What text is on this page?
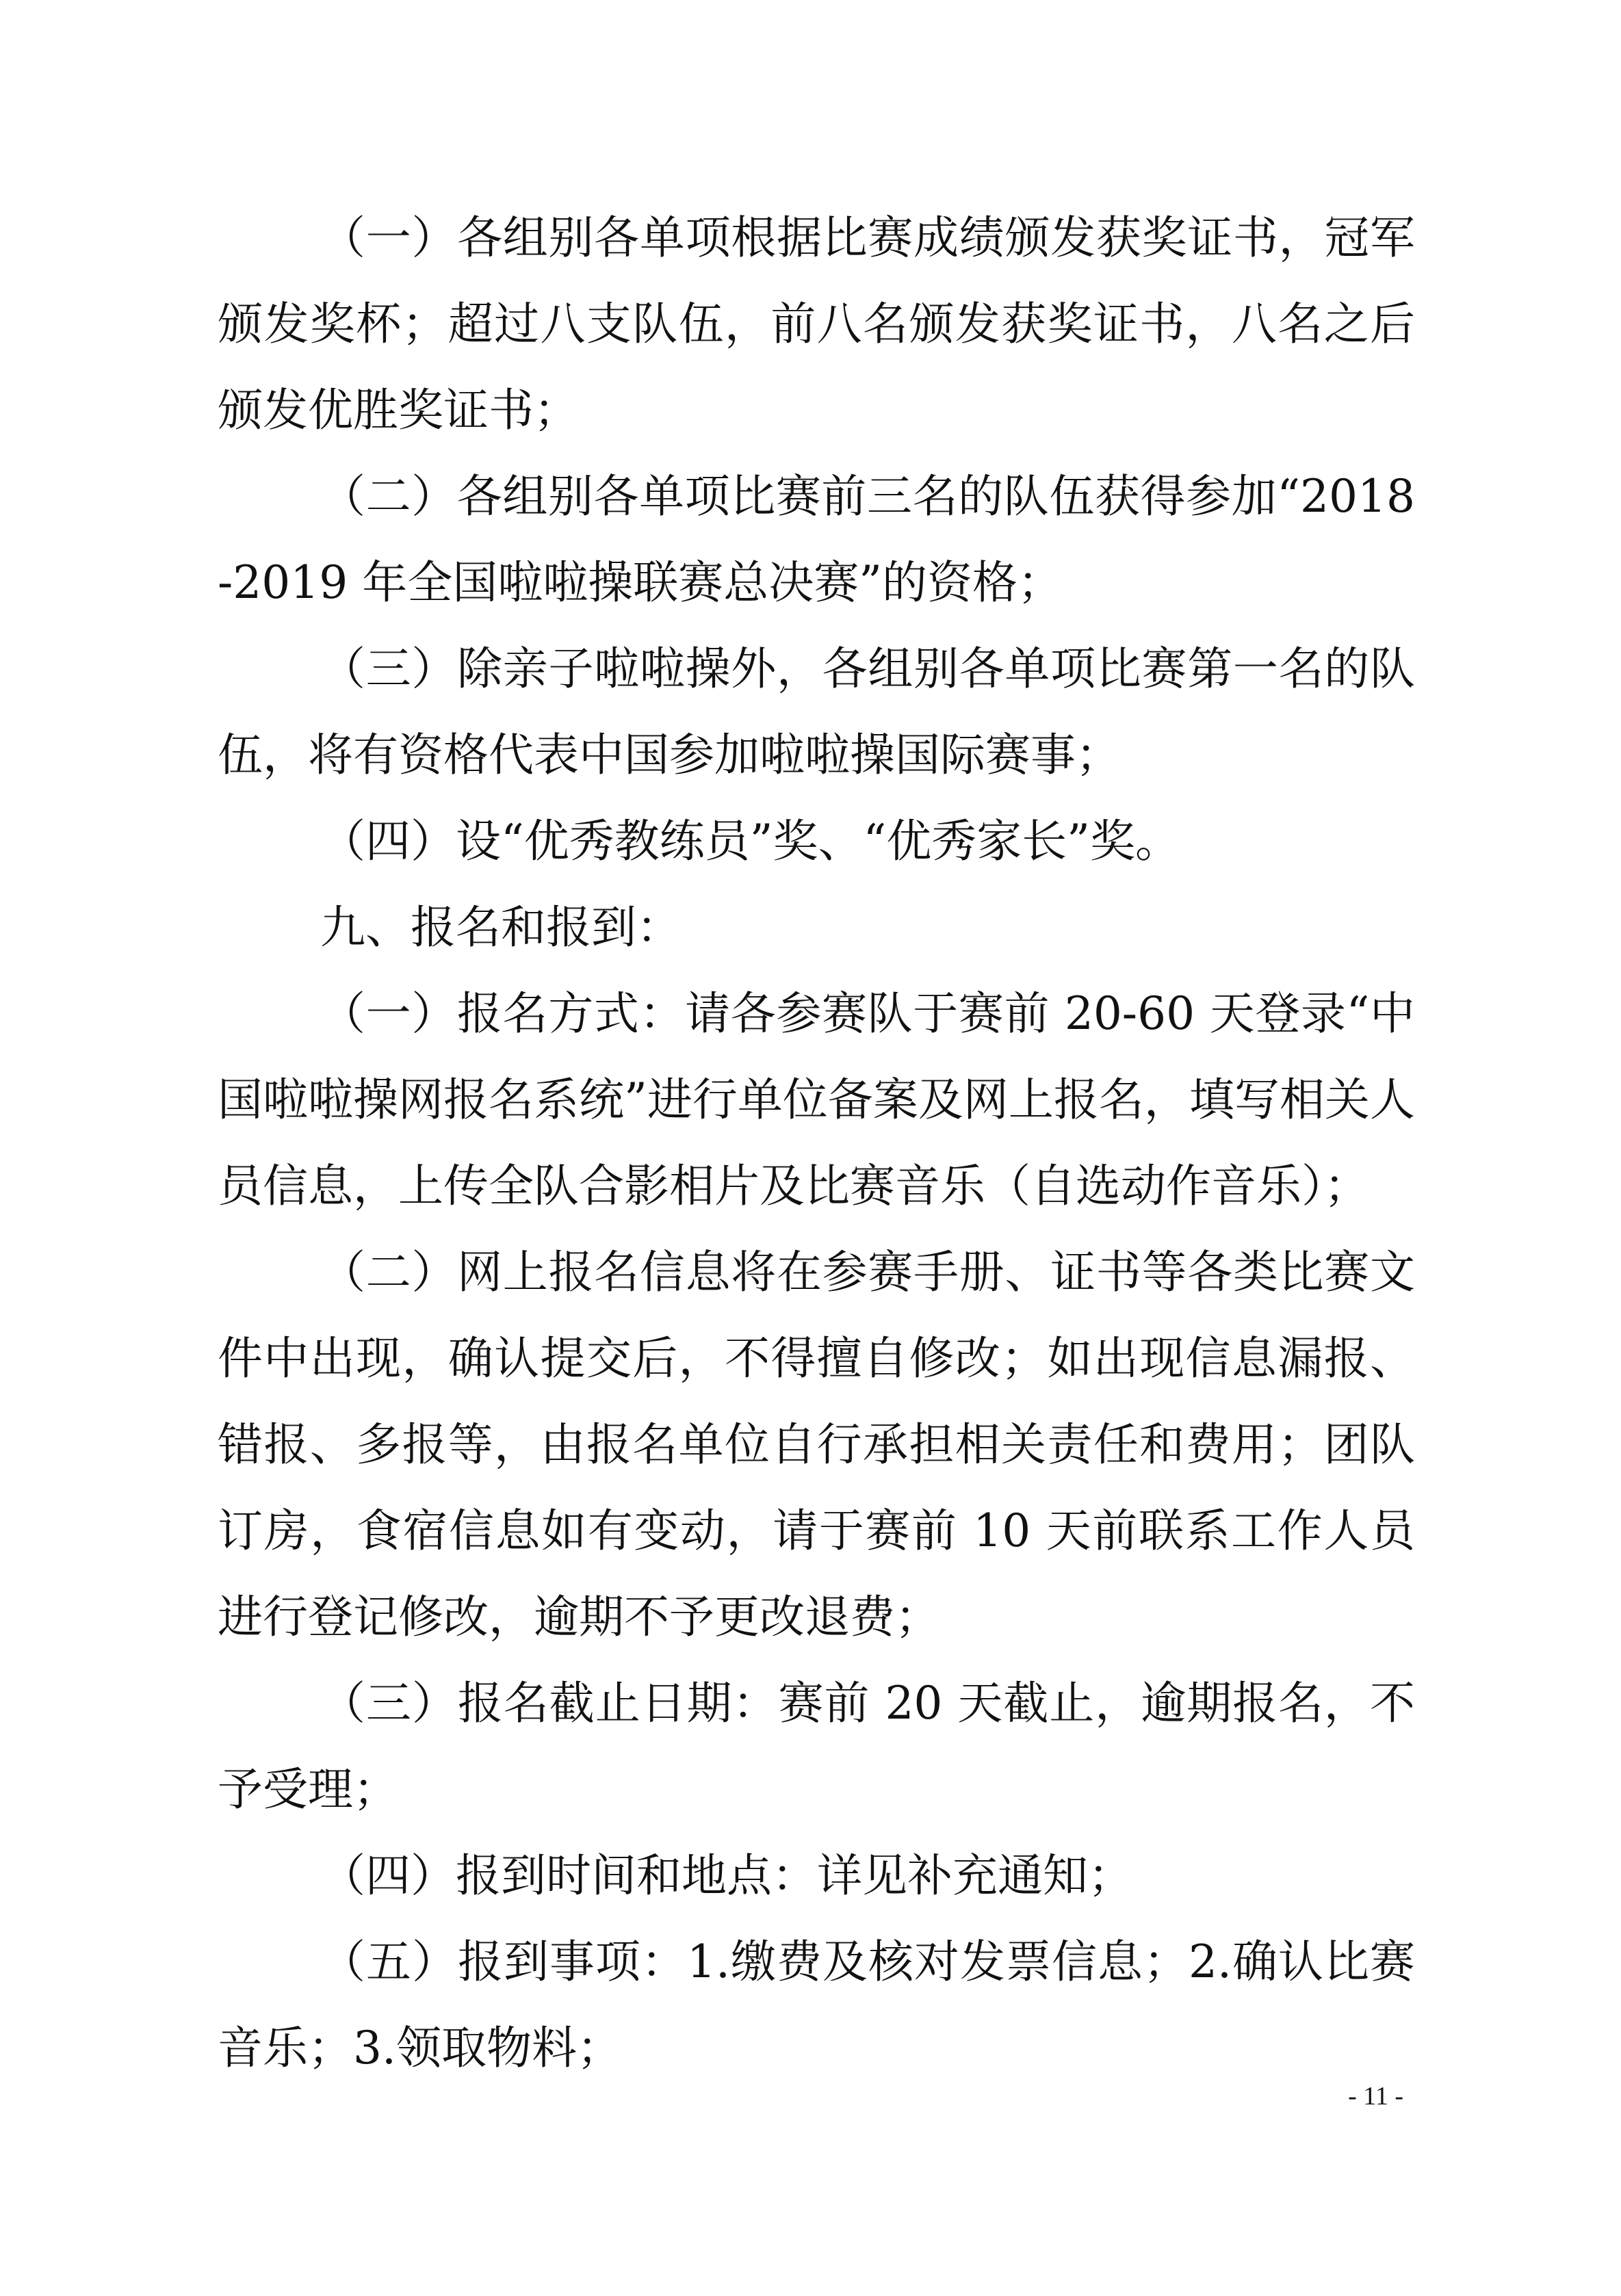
（一）各组别各单项根据比赛成绩颁发获奖证书，冠军颁发奖杯；超过八支队伍，前八名颁发获奖证书，八名之后颁发优胜奖证书；

（二）各组别各单项比赛前三名的队伍获得参加“2018-2019 年全国啦啦操联赛总决赛”的资格；

（三）除亲子啦啦操外，各组别各单项比赛第一名的队伍，将有资格代表中国参加啦啦操国际赛事；

（四）设“优秀教练员”奖、“优秀家长”奖。

九、报名和报到：

（一）报名方式：请各参赛队于赛前 20-60 天登录“中国啦啦操网报名系统”进行单位备案及网上报名，填写相关人员信息，上传全队合影相片及比赛音乐（自选动作音乐）；

（二）网上报名信息将在参赛手册、证书等各类比赛文件中出现，确认提交后，不得擅自修改；如出现信息漏报、错报、多报等，由报名单位自行承担相关责任和费用；团队订房，食宿信息如有变动，请于赛前 10 天前联系工作人员进行登记修改，逾期不予更改退费；

（三）报名截止日期：赛前 20 天截止，逾期报名，不予受理；

（四）报到时间和地点：详见补充通知；

（五）报到事项：1.缴费及核对发票信息；2.确认比赛音乐；3.领取物料；

- 11 -
